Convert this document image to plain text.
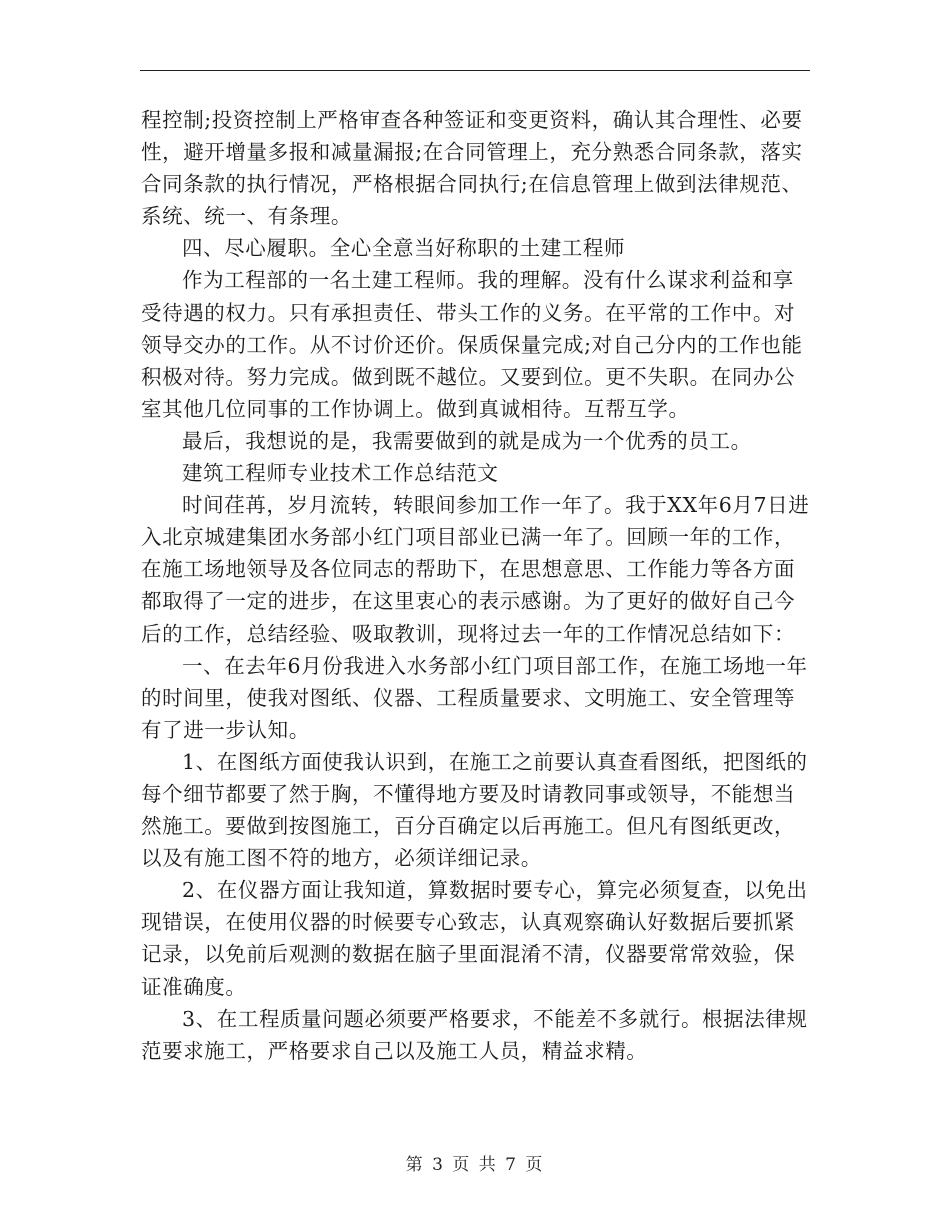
程控制;投资控制上严格审查各种签证和变更资料，确认其合理性、必要性，避开增量多报和减量漏报;在合同管理上，充分熟悉合同条款，落实合同条款的执行情况，严格根据合同执行;在信息管理上做到法律规范、系统、统一、有条理。

四、尽心履职。全心全意当好称职的土建工程师

作为工程部的一名土建工程师。我的理解。没有什么谋求利益和享受待遇的权力。只有承担责任、带头工作的义务。在平常的工作中。对领导交办的工作。从不讨价还价。保质保量完成;对自己分内的工作也能积极对待。努力完成。做到既不越位。又要到位。更不失职。在同办公室其他几位同事的工作协调上。做到真诚相待。互帮互学。

最后，我想说的是，我需要做到的就是成为一个优秀的员工。

建筑工程师专业技术工作总结范文

时间荏苒，岁月流转，转眼间参加工作一年了。我于XX年6月7日进入北京城建集团水务部小红门项目部业已满一年了。回顾一年的工作，在施工场地领导及各位同志的帮助下，在思想意思、工作能力等各方面都取得了一定的进步，在这里衷心的表示感谢。为了更好的做好自己今后的工作，总结经验、吸取教训，现将过去一年的工作情况总结如下：

一、在去年6月份我进入水务部小红门项目部工作，在施工场地一年的时间里，使我对图纸、仪器、工程质量要求、文明施工、安全管理等有了进一步认知。

1、在图纸方面使我认识到，在施工之前要认真查看图纸，把图纸的每个细节都要了然于胸，不懂得地方要及时请教同事或领导，不能想当然施工。要做到按图施工，百分百确定以后再施工。但凡有图纸更改，以及有施工图不符的地方，必须详细记录。

2、在仪器方面让我知道，算数据时要专心，算完必须复查，以免出现错误，在使用仪器的时候要专心致志，认真观察确认好数据后要抓紧记录，以免前后观测的数据在脑子里面混淆不清，仪器要常常效验，保证准确度。

3、在工程质量问题必须要严格要求，不能差不多就行。根据法律规范要求施工，严格要求自己以及施工人员，精益求精。

第 3 页 共 7 页
